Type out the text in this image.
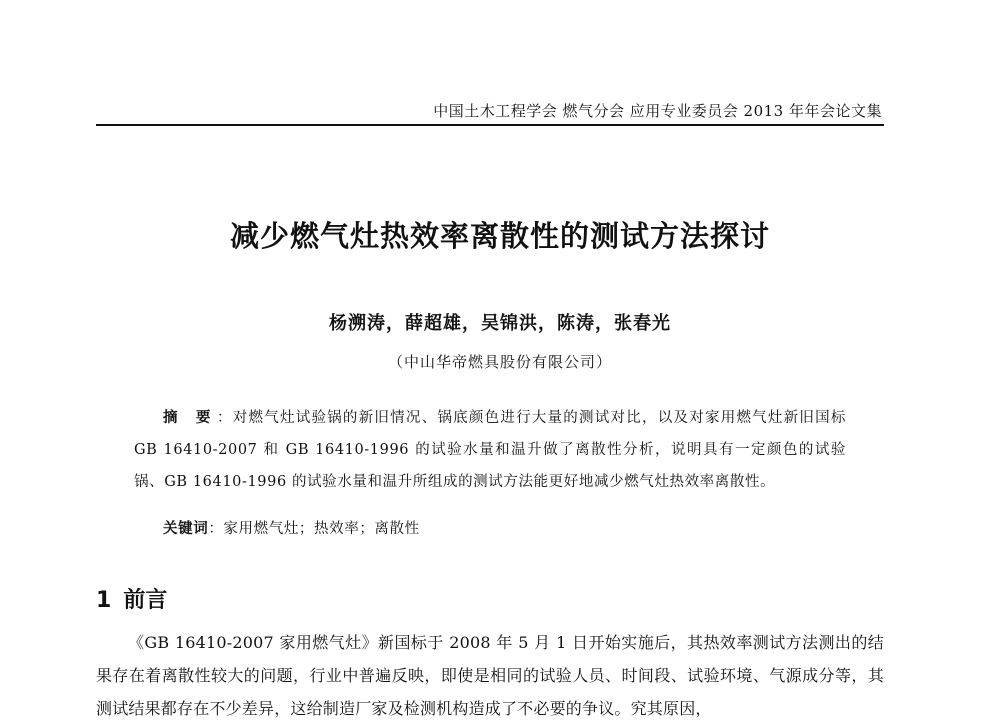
中国土木工程学会 燃气分会 应用专业委员会 2013 年年会论文集
减少燃气灶热效率离散性的测试方法探讨
杨溯涛，薛超雄，吴锦洪，陈涛，张春光
（中山华帝燃具股份有限公司）

摘 要：对燃气灶试验锅的新旧情况、锅底颜色进行大量的测试对比，以及对家用燃气灶新旧国标 GB 16410-2007 和 GB 16410-1996 的试验水量和温升做了离散性分析，说明具有一定颜色的试验锅、GB 16410-1996 的试验水量和温升所组成的测试方法能更好地减少燃气灶热效率离散性。

关键词：家用燃气灶；热效率；离散性
1 前言

《GB 16410-2007 家用燃气灶》新国标于 2008 年 5 月 1 日开始实施后，其热效率测试方法测出的结果存在着离散性较大的问题，行业中普遍反映，即使是相同的试验人员、时间段、试验环境、气源成分等，其测试结果都存在不少差异，这给制造厂家及检测机构造成了不必要的争议。究其原因，
